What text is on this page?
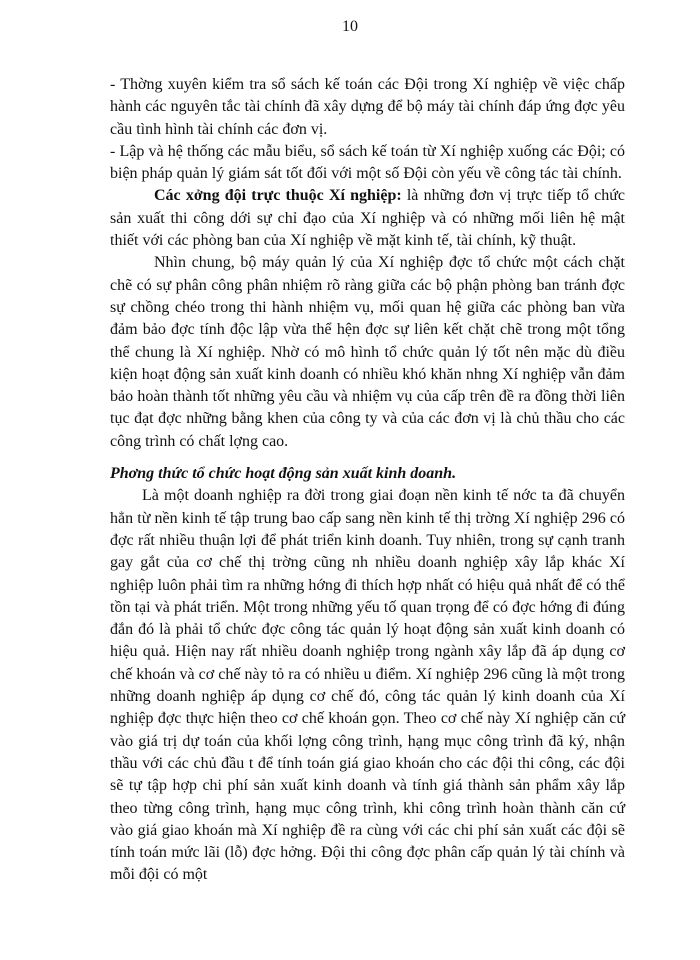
10

- Thờng xuyên kiểm tra sổ sách kế toán các Đội trong Xí nghiệp về việc chấp hành các nguyên tắc tài chính đã xây dựng để bộ máy tài chính đáp ứng đợc yêu cầu tình hình tài chính các đơn vị.

- Lập và hệ thống các mẫu biểu, sổ sách kế toán từ Xí nghiệp xuống các Đội; có biện pháp quản lý giám sát tốt đối với một số Đội còn yếu về công tác tài chính.

Các xởng đội trực thuộc Xí nghiệp: là những đơn vị trực tiếp tổ chức sản xuất thi công dới sự chỉ đạo của Xí nghiệp và có những mối liên hệ mật thiết với các phòng ban của Xí nghiệp về mặt kinh tế, tài chính, kỹ thuật.

Nhìn chung, bộ máy quản lý của Xí nghiệp đợc tổ chức một cách chặt chẽ có sự phân công phân nhiệm rõ ràng giữa các bộ phận phòng ban tránh đợc sự chồng chéo trong thi hành nhiệm vụ, mối quan hệ giữa các phòng ban vừa đảm bảo đợc tính độc lập vừa thể hện đợc sự liên kết chặt chẽ trong một tổng thể chung là Xí nghiệp. Nhờ có mô hình tổ chức quản lý tốt nên mặc dù điều kiện hoạt động sản xuất kinh doanh có nhiều khó khăn nhng Xí nghiệp vẫn đảm bảo hoàn thành tốt những yêu cầu và nhiệm vụ của cấp trên đề ra đồng thời liên tục đạt đợc những bằng khen của công ty và của các đơn vị là chủ thầu cho các công trình có chất lợng cao.

Phơng thức tổ chức hoạt động sản xuất kinh doanh.

Là một doanh nghiệp ra đời trong giai đoạn nền kinh tế nớc ta đã chuyển hẳn từ nền kinh tế tập trung bao cấp sang nền kinh tế thị trờng Xí nghiệp 296 có đợc rất nhiều thuận lợi để phát triển kinh doanh. Tuy nhiên, trong sự cạnh tranh gay gắt của cơ chế thị trờng cũng nh nhiều doanh nghiệp xây lắp khác Xí nghiệp luôn phải tìm ra những hớng đi thích hợp nhất có hiệu quả nhất để có thể tồn tại và phát triển. Một trong những yếu tố quan trọng để có đợc hớng đi đúng đắn đó là phải tổ chức đợc công tác quản lý hoạt động sản xuất kinh doanh có hiệu quả. Hiện nay rất nhiều doanh nghiệp trong ngành xây lắp đã áp dụng cơ chế khoán và cơ chế này tỏ ra có nhiều u điểm. Xí nghiệp 296 cũng là một trong những doanh nghiệp áp dụng cơ chế đó, công tác quản lý kinh doanh của Xí nghiệp đợc thực hiện theo cơ chế khoán gọn. Theo cơ chế này Xí nghiệp căn cứ vào giá trị dự toán của khối lợng công trình, hạng mục công trình đã ký, nhận thầu với các chủ đầu t để tính toán giá giao khoán cho các đội thi công, các đội sẽ tự tập hợp chi phí sản xuất kinh doanh và tính giá thành sản phẩm xây lắp theo từng công trình, hạng mục công trình, khi công trình hoàn thành căn cứ vào giá giao khoán mà Xí nghiệp đề ra cùng với các chi phí sản xuất các đội sẽ tính toán mức lãi (lỗ) đợc hởng. Đội thi công đợc phân cấp quản lý tài chính và mỗi đội có một
